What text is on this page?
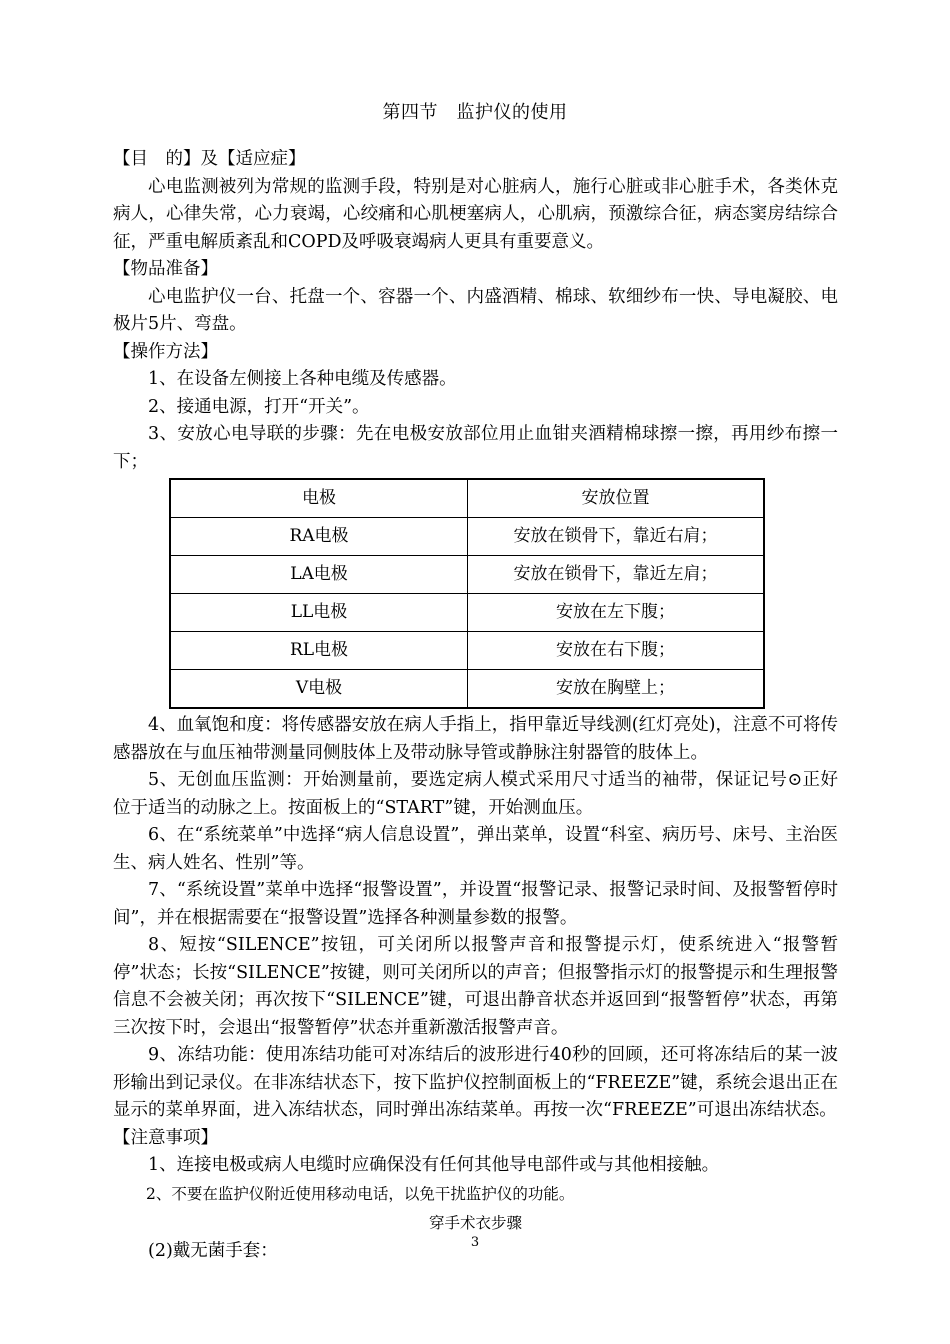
第四节　监护仪的使用

【目　的】及【适应症】

心电监测被列为常规的监测手段，特别是对心脏病人，施行心脏或非心脏手术，各类休克病人，心律失常，心力衰竭，心绞痛和心肌梗塞病人，心肌病，预激综合征，病态窦房结综合征，严重电解质紊乱和COPD及呼吸衰竭病人更具有重要意义。

【物品准备】

心电监护仪一台、托盘一个、容器一个、内盛酒精、棉球、软细纱布一快、导电凝胶、电极片5片、弯盘。

【操作方法】

1、在设备左侧接上各种电缆及传感器。

2、接通电源，打开“开关”。

3、安放心电导联的步骤：先在电极安放部位用止血钳夹酒精棉球擦一擦，再用纱布擦一下；

电极	安放位置
RA电极	安放在锁骨下，靠近右肩；
LA电极	安放在锁骨下，靠近左肩；
LL电极	安放在左下腹；
RL电极	安放在右下腹；
V电极	安放在胸壁上；

4、血氧饱和度：将传感器安放在病人手指上，指甲靠近导线测(红灯亮处)，注意不可将传感器放在与血压袖带测量同侧肢体上及带动脉导管或静脉注射器管的肢体上。

5、无创血压监测：开始测量前，要选定病人模式采用尺寸适当的袖带，保证记号⊙正好位于适当的动脉之上。按面板上的“START”键，开始测血压。

6、在“系统菜单”中选择“病人信息设置”，弹出菜单，设置“科室、病历号、床号、主治医生、病人姓名、性别”等。

7、“系统设置”菜单中选择“报警设置”，并设置“报警记录、报警记录时间、及报警暂停时间”，并在根据需要在“报警设置”选择各种测量参数的报警。

8、短按“SILENCE”按钮，可关闭所以报警声音和报警提示灯，使系统进入“报警暂停”状态；长按“SILENCE”按键，则可关闭所以的声音；但报警指示灯的报警提示和生理报警信息不会被关闭；再次按下“SILENCE”键，可退出静音状态并返回到“报警暂停”状态，再第三次按下时，会退出“报警暂停”状态并重新激活报警声音。

9、冻结功能：使用冻结功能可对冻结后的波形进行40秒的回顾，还可将冻结后的某一波形输出到记录仪。在非冻结状态下，按下监护仪控制面板上的“FREEZE”键，系统会退出正在显示的菜单界面，进入冻结状态，同时弹出冻结菜单。再按一次“FREEZE”可退出冻结状态。

【注意事项】

1、连接电极或病人电缆时应确保没有任何其他导电部件或与其他相接触。

2、不要在监护仪附近使用移动电话，以免干扰监护仪的功能。

穿手术衣步骤

(2)戴无菌手套：	3
